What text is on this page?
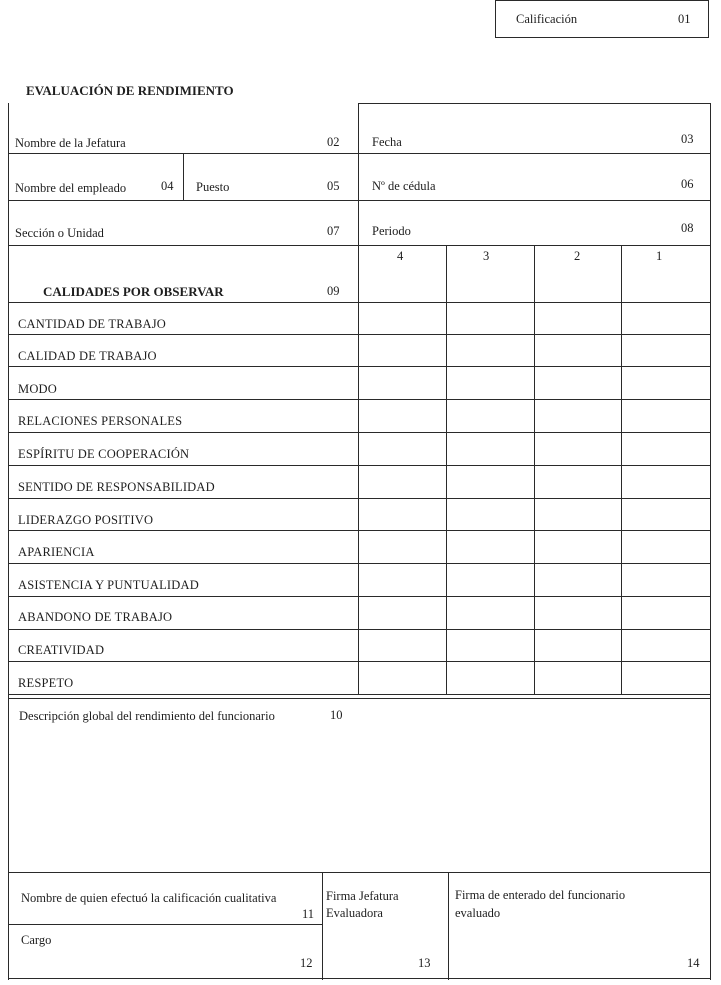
Calificación	01
EVALUACIÓN DE RENDIMIENTO
Nombre de la Jefatura	02	Fecha	03
Nombre del empleado	04 Puesto	05	Nº de cédula	06
Sección o Unidad	07	Periodo	08
CALIDADES POR OBSERVAR	09
4	3	2	1
CANTIDAD DE TRABAJO
CALIDAD DE TRABAJO
MODO
RELACIONES PERSONALES
ESPÍRITU DE COOPERACIÓN
SENTIDO DE RESPONSABILIDAD
LIDERAZGO POSITIVO
APARIENCIA
ASISTENCIA Y PUNTUALIDAD
ABANDONO DE TRABAJO
CREATIVIDAD
RESPETO
Descripción global del rendimiento del funcionario	10
Nombre de quien efectuó la calificación cualitativa
11
Cargo
12
Firma Jefatura
Evaluadora
13
Firma de enterado del funcionario
evaluado
14
